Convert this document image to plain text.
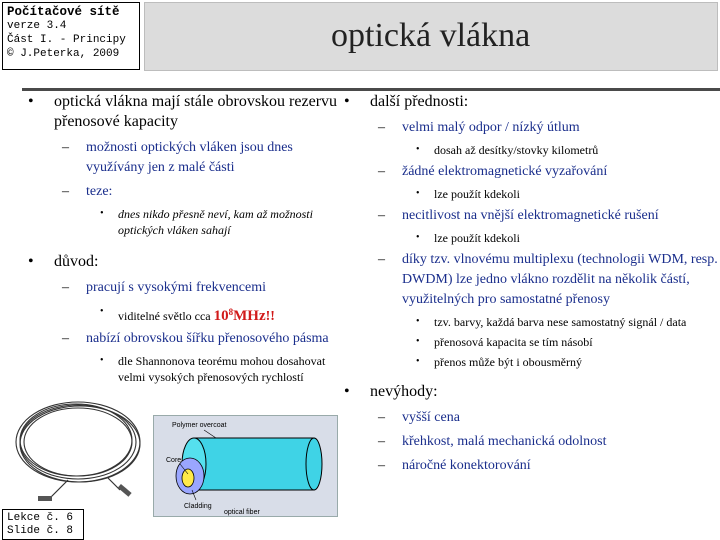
Počítačové sítě
verze 3.4
Část I. - Principy
© J.Peterka, 2009	optická vlákna
• optická vlákna mají stále obrovskou rezervu přenosové kapacity
– možnosti optických vláken jsou dnes využívány jen z malé části
– teze:
• dnes nikdo přesně neví, kam až možnosti optických vláken sahají
• důvod:
– pracují s vysokými frekvencemi
• viditelné světlo cca $10^8MHz$!!
– nabízí obrovskou šířku přenosového pásma
• dle Shannonova teorému mohou dosahovat velmi vysokých přenosových rychlostí
• další přednosti:
– velmi malý odpor / nízký útlum
• dosah až desítky/stovky kilometrů
– žádné elektromagnetické vyzařování
• lze použít kdekoli
– necitlivost na vnější elektromagnetické rušení
• lze použít kdekoli
– díky tzv. vlnovému multiplexu (technologii WDM, resp. DWDM) lze jedno vlákno rozdělit na několik částí, využitelných pro samostatné přenosy
• tzv. barvy, každá barva nese samostatný signál / data
• přenosová kapacita se tím násobí
• přenos může být i obousměrný
• nevýhody:
– vyšší cena
– křehkost, malá mechanická odolnost
– náročné konektorování
Polymer overcoat
Core
Cladding
optical fiber
Lekce č. 6
Slide č. 8
